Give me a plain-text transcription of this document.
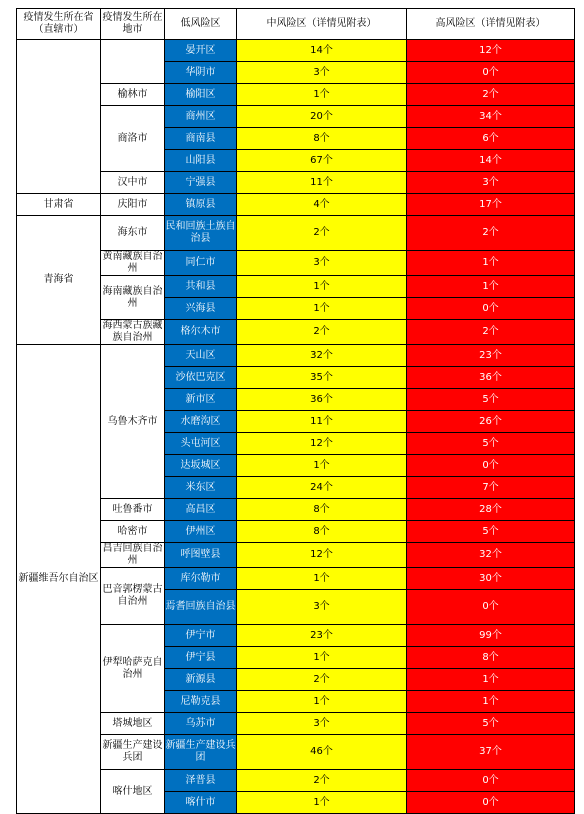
疫情发生所在省（直辖市）	疫情发生所在地市	低风险区	中风险区（详情见附表）	高风险区（详情见附表）
		晏开区	14个	12个
		华阴市	3个	0个
	榆林市	榆阳区	1个	2个
	商洛市	商州区	20个	34个
		商南县	8个	6个
		山阳县	67个	14个
	汉中市	宁强县	11个	3个
甘肃省	庆阳市	镇原县	4个	17个
青海省	海东市	民和回族土族自治县	2个	2个
	黄南藏族自治州	同仁市	3个	1个
	海南藏族自治州	共和县	1个	1个
		兴海县	1个	0个
	海西蒙古族藏族自治州	格尔木市	2个	2个
新疆维吾尔自治区	乌鲁木齐市	天山区	32个	23个
		沙依巴克区	35个	36个
		新市区	36个	5个
		水磨沟区	11个	26个
		头屯河区	12个	5个
		达坂城区	1个	0个
		米东区	24个	7个
	吐鲁番市	高昌区	8个	28个
	哈密市	伊州区	8个	5个
	昌吉回族自治州	呼图壁县	12个	32个
	巴音郭楞蒙古自治州	库尔勒市	1个	30个
		焉耆回族自治县	3个	0个
	伊犁哈萨克自治州	伊宁市	23个	99个
		伊宁县	1个	8个
		新源县	2个	1个
		尼勒克县	1个	1个
	塔城地区	乌苏市	3个	5个
	新疆生产建设兵团	新疆生产建设兵团	46个	37个
	喀什地区	泽普县	2个	0个
		喀什市	1个	0个
